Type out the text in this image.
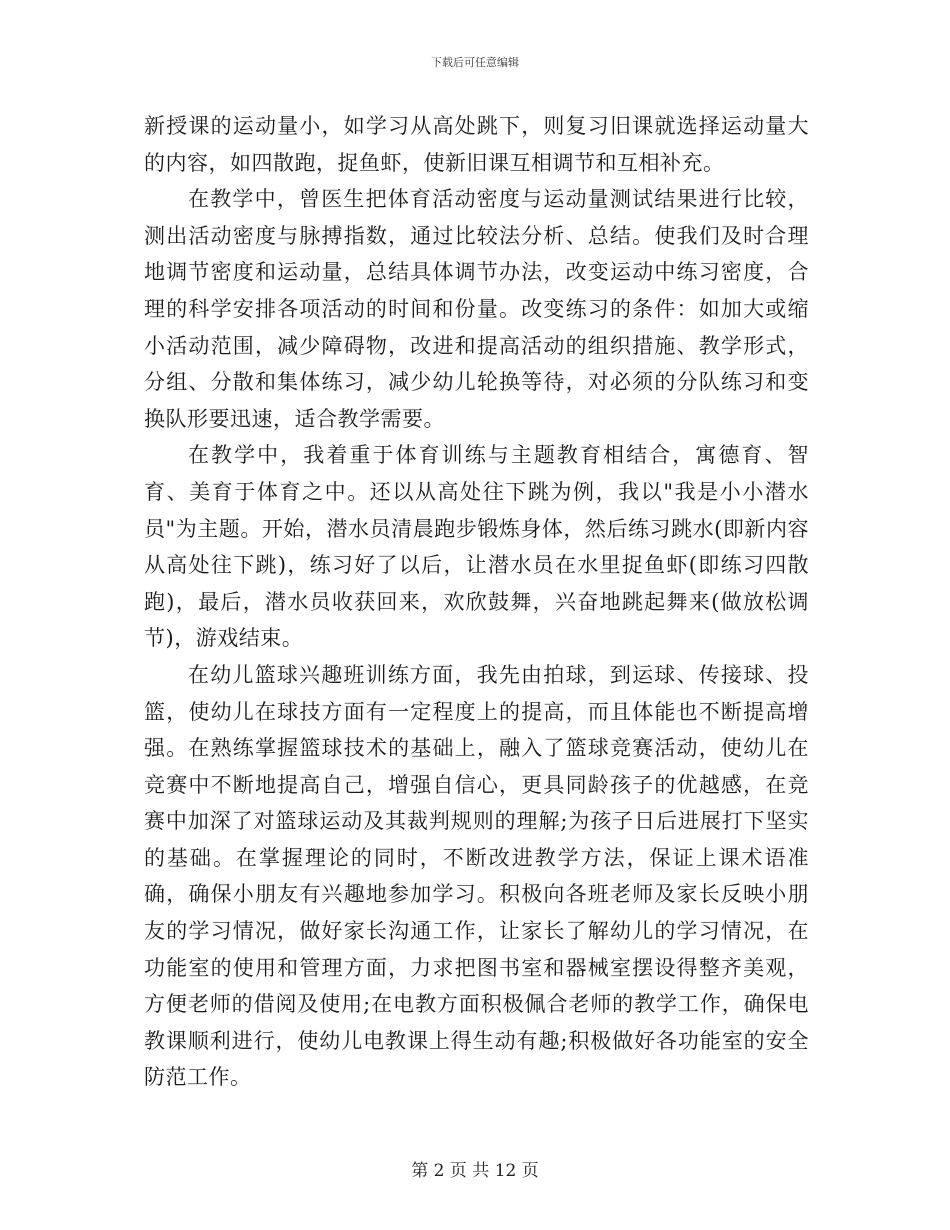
下载后可任意编辑

新授课的运动量小，如学习从高处跳下，则复习旧课就选择运动量大的内容，如四散跑，捉鱼虾，使新旧课互相调节和互相补充。

在教学中，曾医生把体育活动密度与运动量测试结果进行比较，测出活动密度与脉搏指数，通过比较法分析、总结。使我们及时合理地调节密度和运动量，总结具体调节办法，改变运动中练习密度，合理的科学安排各项活动的时间和份量。改变练习的条件：如加大或缩小活动范围，减少障碍物，改进和提高活动的组织措施、教学形式，分组、分散和集体练习，减少幼儿轮换等待，对必须的分队练习和变换队形要迅速，适合教学需要。

在教学中，我着重于体育训练与主题教育相结合，寓德育、智育、美育于体育之中。还以从高处往下跳为例，我以"我是小小潜水员"为主题。开始，潜水员清晨跑步锻炼身体，然后练习跳水(即新内容从高处往下跳)，练习好了以后，让潜水员在水里捉鱼虾(即练习四散跑)，最后，潜水员收获回来，欢欣鼓舞，兴奋地跳起舞来(做放松调节)，游戏结束。

在幼儿篮球兴趣班训练方面，我先由拍球，到运球、传接球、投篮，使幼儿在球技方面有一定程度上的提高，而且体能也不断提高增强。在熟练掌握篮球技术的基础上，融入了篮球竞赛活动，使幼儿在竞赛中不断地提高自己，增强自信心，更具同龄孩子的优越感，在竞赛中加深了对篮球运动及其裁判规则的理解;为孩子日后进展打下坚实的基础。在掌握理论的同时，不断改进教学方法，保证上课术语准确，确保小朋友有兴趣地参加学习。积极向各班老师及家长反映小朋友的学习情况，做好家长沟通工作，让家长了解幼儿的学习情况，在功能室的使用和管理方面，力求把图书室和器械室摆设得整齐美观，方便老师的借阅及使用;在电教方面积极佩合老师的教学工作，确保电教课顺利进行，使幼儿电教课上得生动有趣;积极做好各功能室的安全防范工作。

第 2 页 共 12 页
